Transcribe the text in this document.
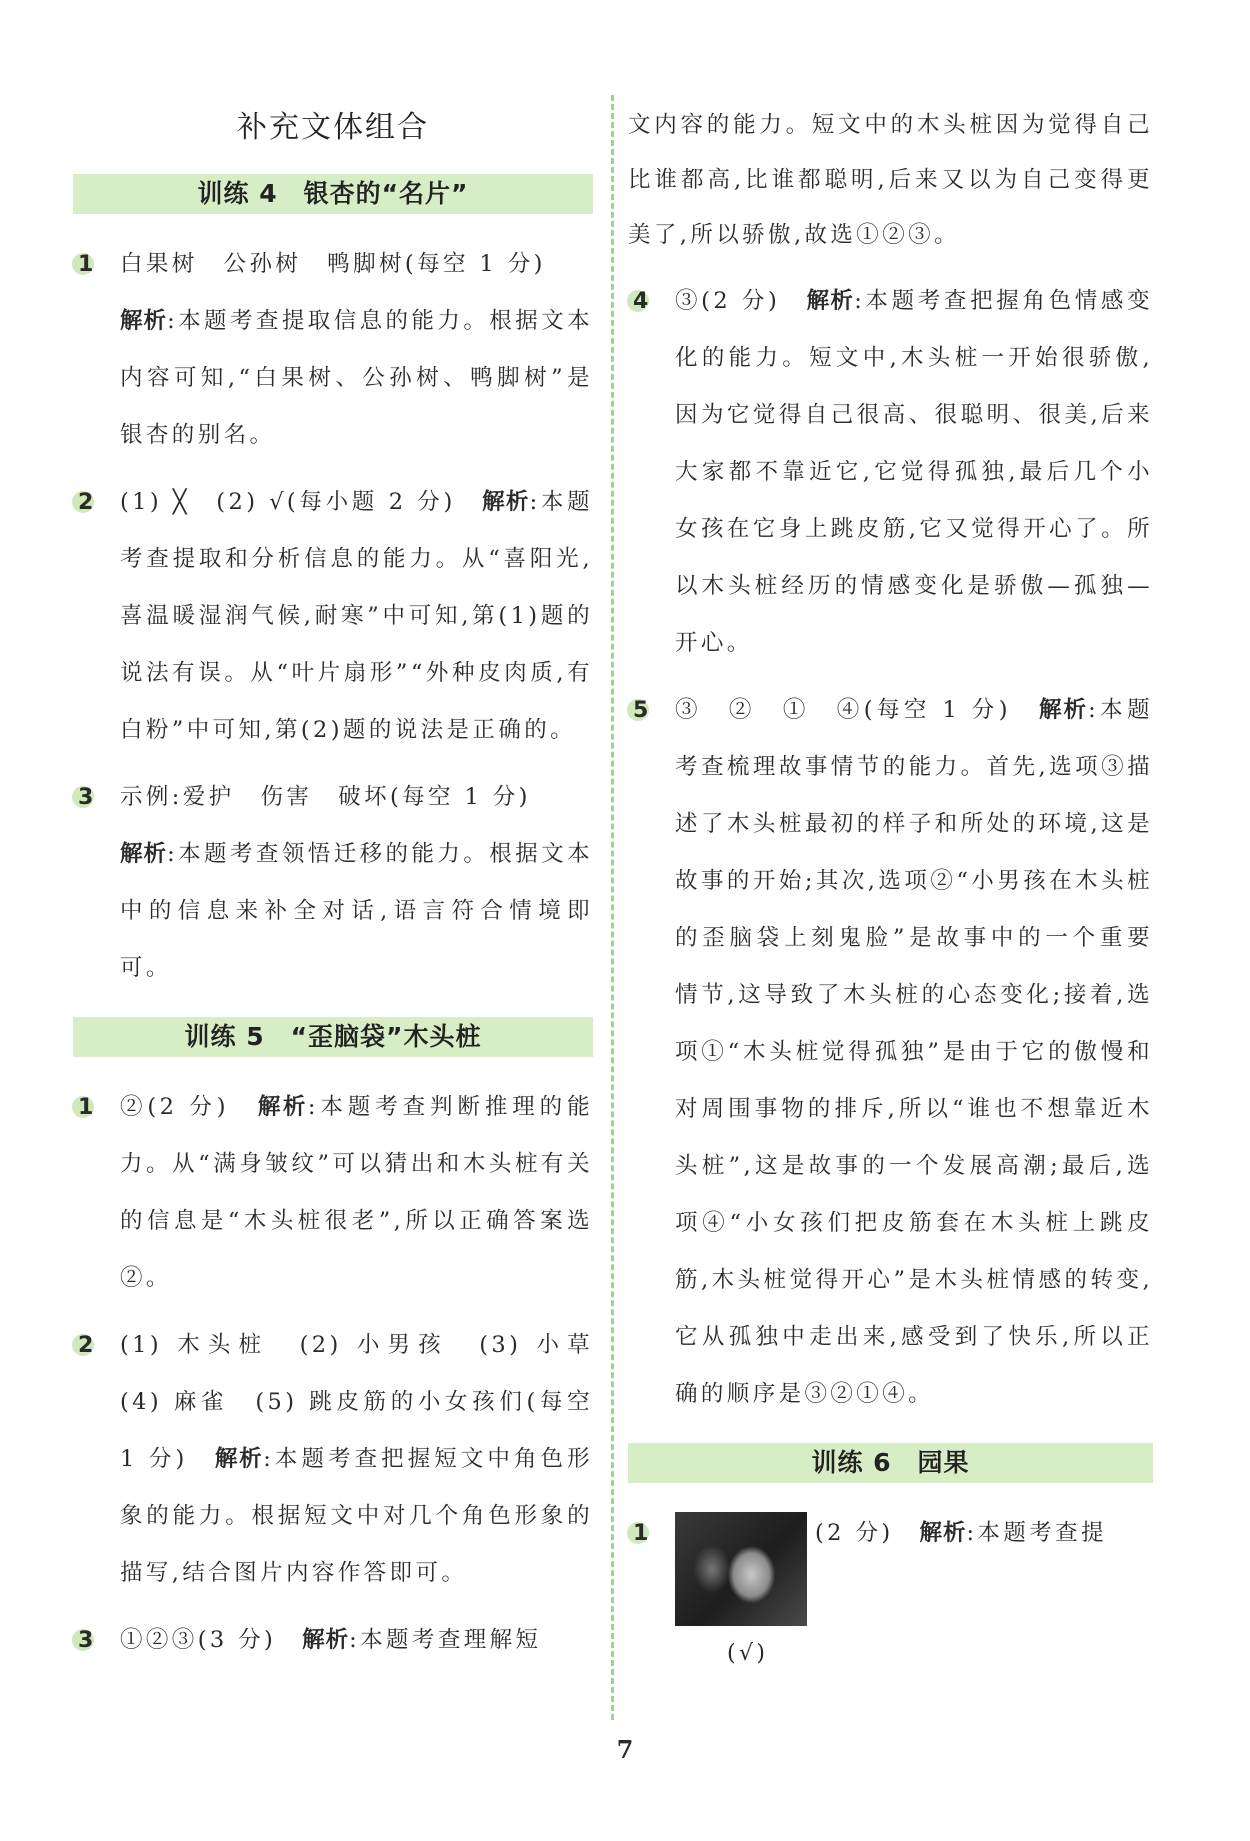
补充文体组合
训练 4　银杏的“名片”
1 白果树　公孙树　鸭脚树(每空 1 分)
解析:本题考查提取信息的能力。根据文本内容可知,“白果树、公孙树、鸭脚树”是银杏的别名。
2 (1) ╳　(2) √(每小题 2 分)　 解析:本题考查提取和分析信息的能力。从“喜阳光,喜温暖湿润气候,耐寒”中可知,第(1)题的说法有误。从“叶片扇形”“外种皮肉质,有白粉”中可知,第(2)题的说法是正确的。
3 示例:爱护　伤害　破坏(每空 1 分)
解析:本题考查领悟迁移的能力。根据文本中的信息来补全对话,语言符合情境即可。
训练 5　“歪脑袋”木头桩
1 ②(2 分)　 解析:本题考查判断推理的能力。从“满身皱纹”可以猜出和木头桩有关的信息是“木头桩很老”,所以正确答案选②。
2 (1) 木头桩　(2) 小男孩　(3) 小草　(4) 麻雀　(5) 跳皮筋的小女孩们(每空 1 分)　 解析:本题考查把握短文中角色形象的能力。根据短文中对几个角色形象的描写,结合图片内容作答即可。
3 ①②③(3 分)　 解析:本题考查理解短
文内容的能力。短文中的木头桩因为觉得自己比谁都高,比谁都聪明,后来又以为自己变得更美了,所以骄傲,故选①②③。
4 ③(2 分)　 解析:本题考查把握角色情感变化的能力。短文中,木头桩一开始很骄傲,因为它觉得自己很高、很聪明、很美,后来大家都不靠近它,它觉得孤独,最后几个小女孩在它身上跳皮筋,它又觉得开心了。所以木头桩经历的情感变化是骄傲—孤独—开心。
5 ③　②　①　④(每空 1 分)　 解析:本题考查梳理故事情节的能力。首先,选项③描述了木头桩最初的样子和所处的环境,这是故事的开始;其次,选项②“小男孩在木头桩的歪脑袋上刻鬼脸”是故事中的一个重要情节,这导致了木头桩的心态变化;接着,选项①“木头桩觉得孤独”是由于它的傲慢和对周围事物的排斥,所以“谁也不想靠近木头桩”,这是故事的一个发展高潮;最后,选项④“小女孩们把皮筋套在木头桩上跳皮筋,木头桩觉得开心”是木头桩情感的转变,它从孤独中走出来,感受到了快乐,所以正确的顺序是③②①④。
训练 6　园果
1	(2 分)　 解析:本题考查提
(√)
7
